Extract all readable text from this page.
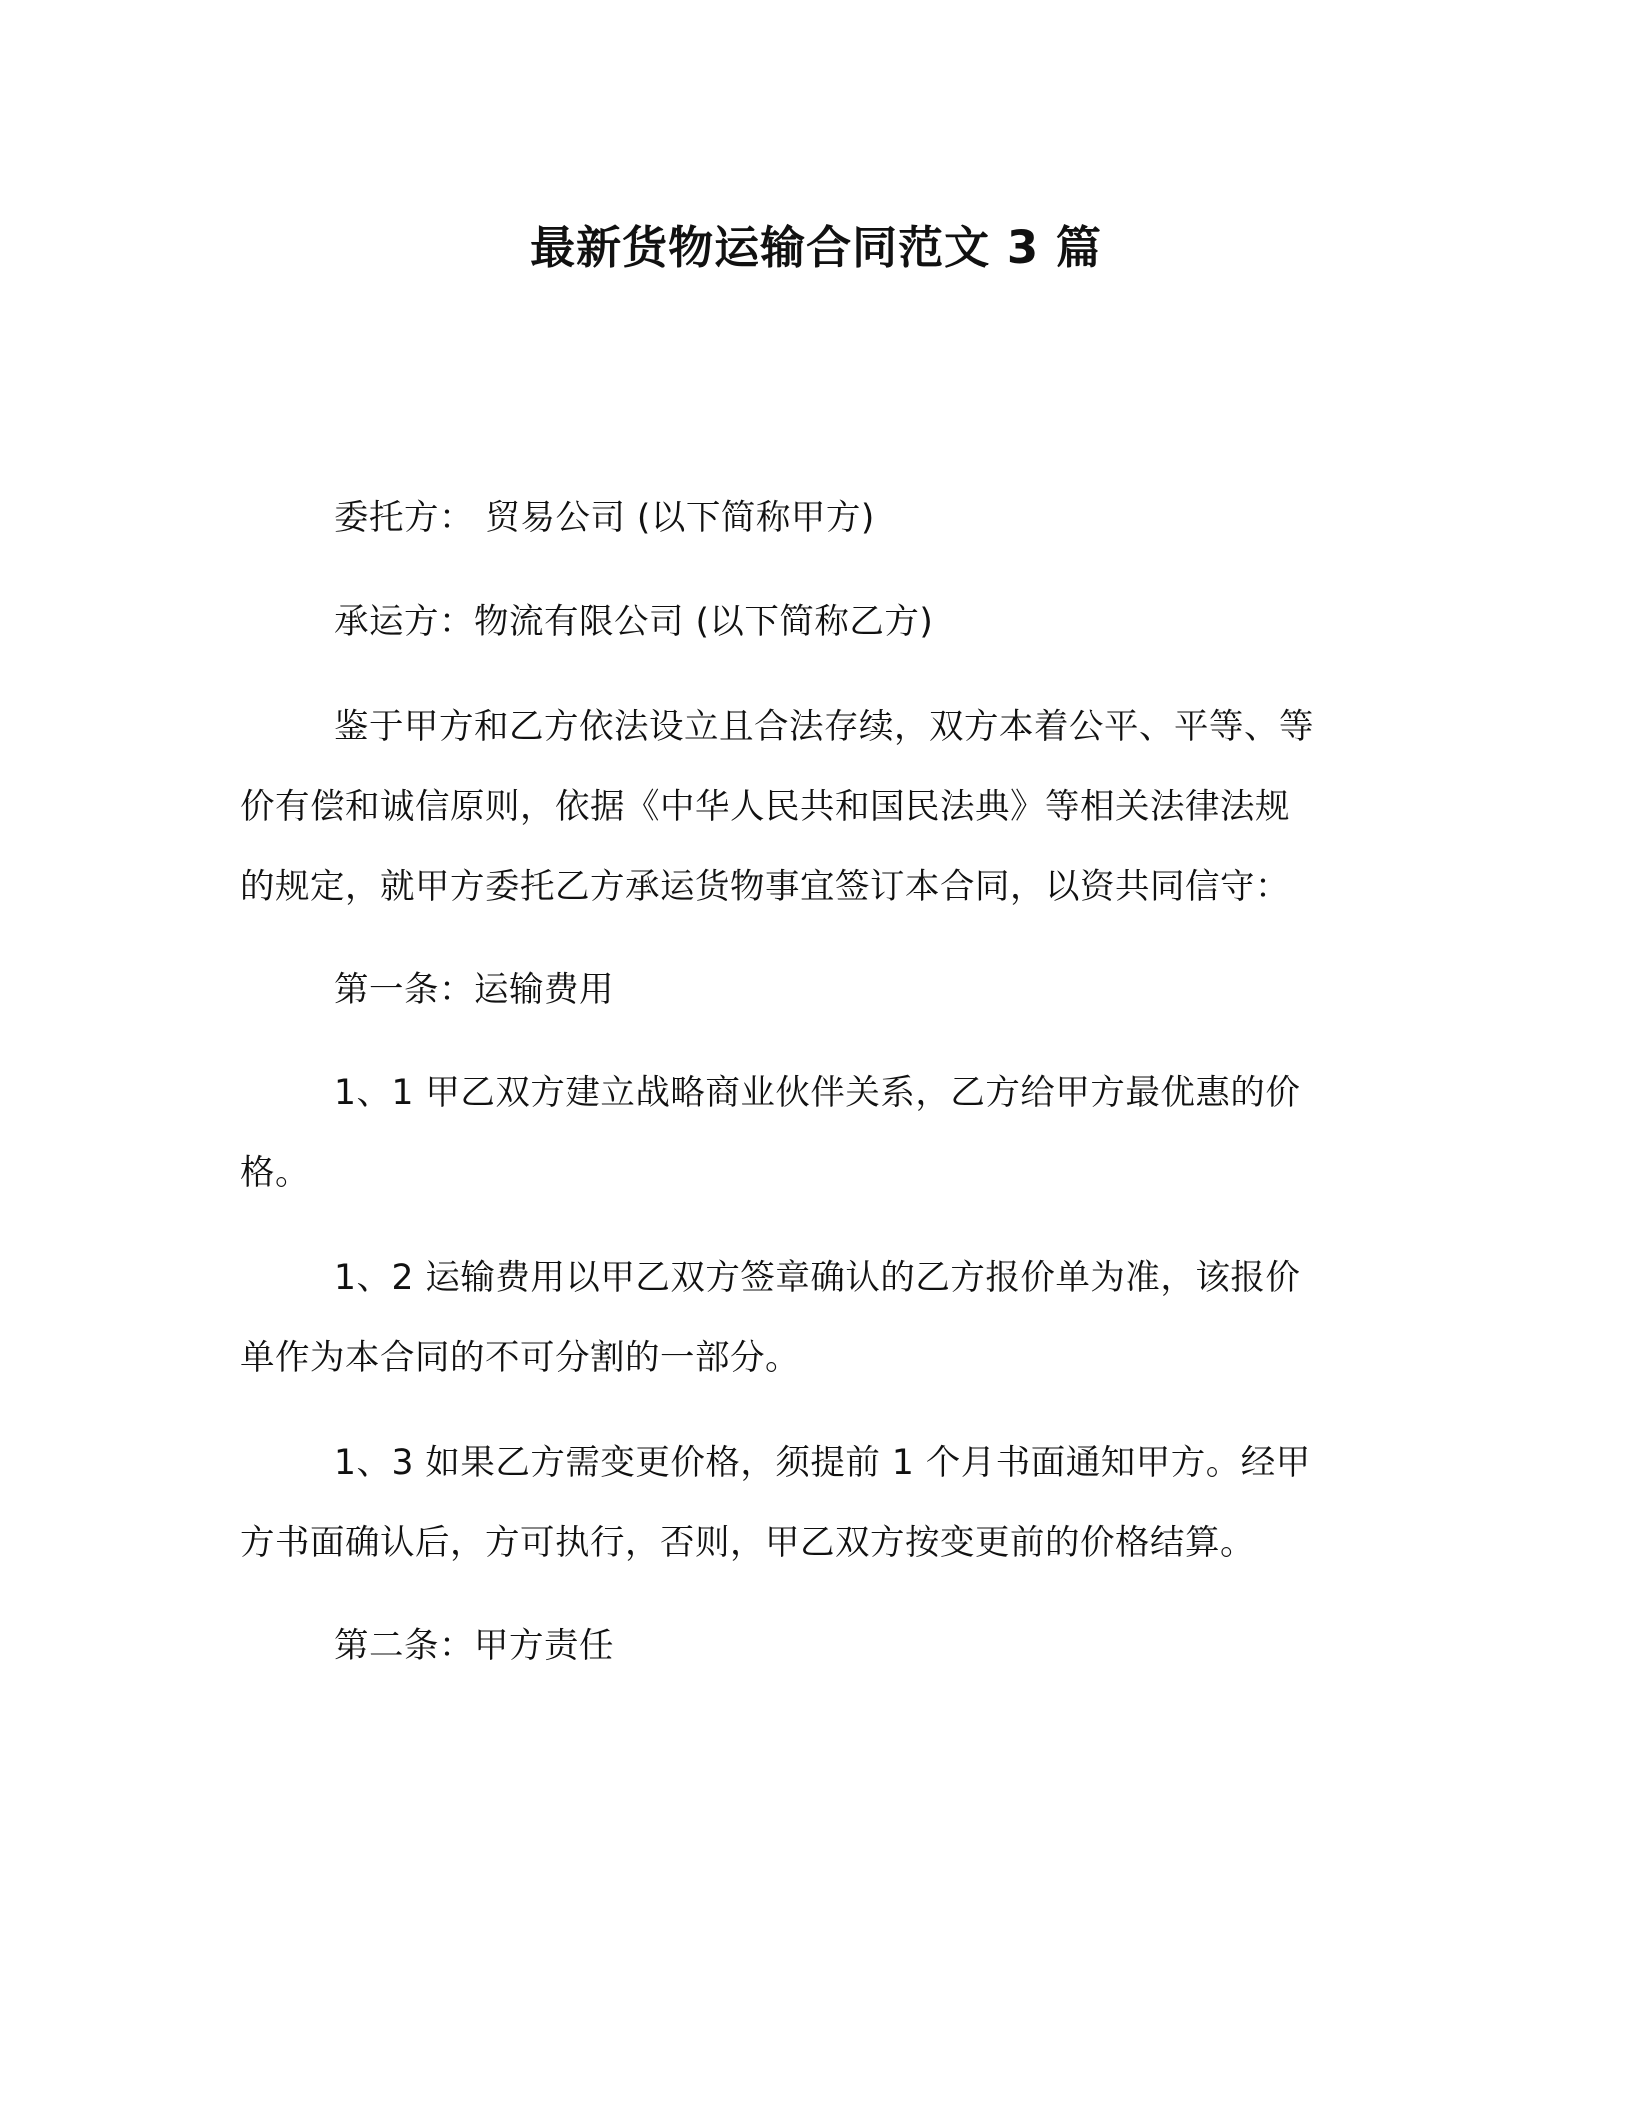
最新货物运输合同范文 3 篇

委托方： 贸易公司 (以下简称甲方)

承运方：物流有限公司 (以下简称乙方)

鉴于甲方和乙方依法设立且合法存续，双方本着公平、平等、等

价有偿和诚信原则，依据《中华人民共和国民法典》等相关法律法规

的规定，就甲方委托乙方承运货物事宜签订本合同，以资共同信守：

第一条：运输费用

1、1 甲乙双方建立战略商业伙伴关系，乙方给甲方最优惠的价

格。

1、2 运输费用以甲乙双方签章确认的乙方报价单为准，该报价

单作为本合同的不可分割的一部分。

1、3 如果乙方需变更价格，须提前 1 个月书面通知甲方。经甲

方书面确认后，方可执行，否则，甲乙双方按变更前的价格结算。

第二条：甲方责任
